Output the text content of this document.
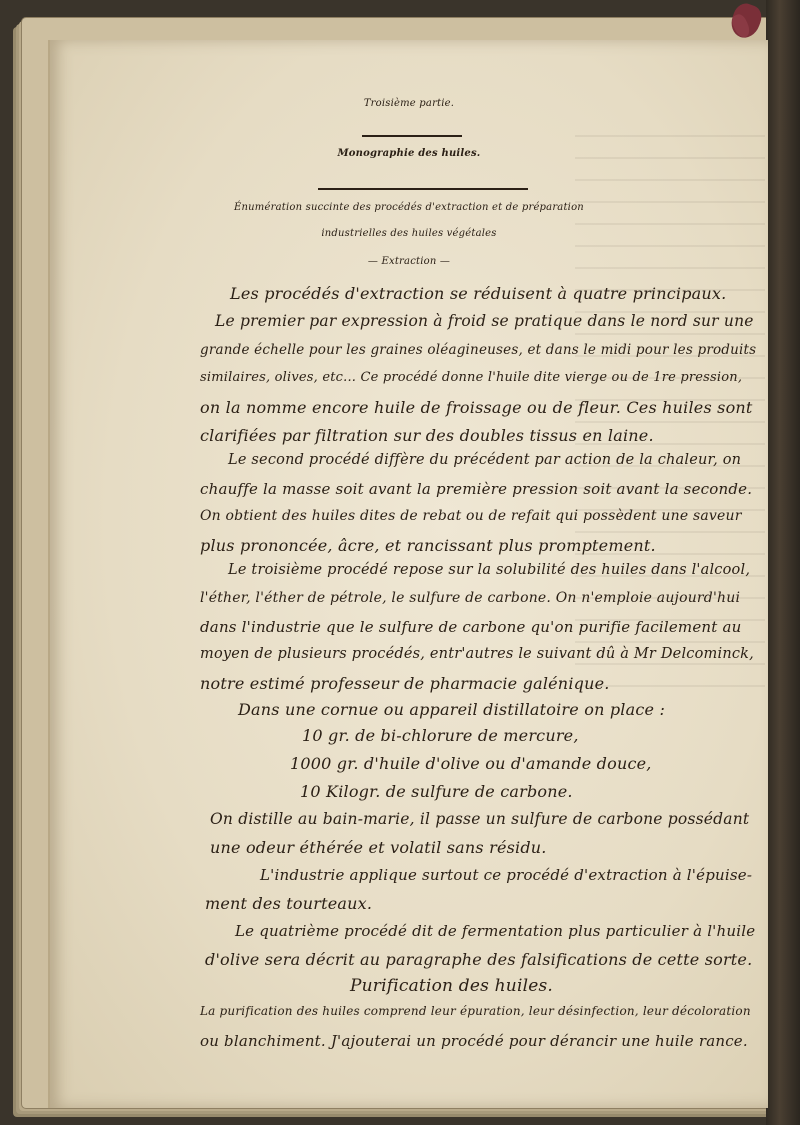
Troisième partie.
Monographie des huiles.
Énumération succinte des procédés d'extraction et de préparation
industrielles des huiles végétales
— Extraction —
Les procédés d'extraction se réduisent à quatre principaux.
Le premier par expression à froid se pratique dans le nord sur une
grande échelle pour les graines oléagineuses, et dans le midi pour les produits
similaires, olives, etc... Ce procédé donne l'huile dite vierge ou de 1re pression,
on la nomme encore huile de froissage ou de fleur. Ces huiles sont
clarifiées par filtration sur des doubles tissus en laine.
Le second procédé diffère du précédent par action de la chaleur, on
chauffe la masse soit avant la première pression soit avant la seconde.
On obtient des huiles dites de rebat ou de refait qui possèdent une saveur
plus prononcée, âcre, et rancissant plus promptement.
Le troisième procédé repose sur la solubilité des huiles dans l'alcool,
l'éther, l'éther de pétrole, le sulfure de carbone. On n'emploie aujourd'hui
dans l'industrie que le sulfure de carbone qu'on purifie facilement au
moyen de plusieurs procédés, entr'autres le suivant dû à Mr Delcominck,
notre estimé professeur de pharmacie galénique.
Dans une cornue ou appareil distillatoire on place :
10 gr. de bi-chlorure de mercure,
1000 gr. d'huile d'olive ou d'amande douce,
10 Kilogr. de sulfure de carbone.
On distille au bain-marie, il passe un sulfure de carbone possédant
une odeur éthérée et volatil sans résidu.
L'industrie applique surtout ce procédé d'extraction à l'épuise-
ment des tourteaux.
Le quatrième procédé dit de fermentation plus particulier à l'huile
d'olive sera décrit au paragraphe des falsifications de cette sorte.
Purification des huiles.
La purification des huiles comprend leur épuration, leur désinfection, leur décoloration
ou blanchiment. J'ajouterai un procédé pour dérancir une huile rance.
